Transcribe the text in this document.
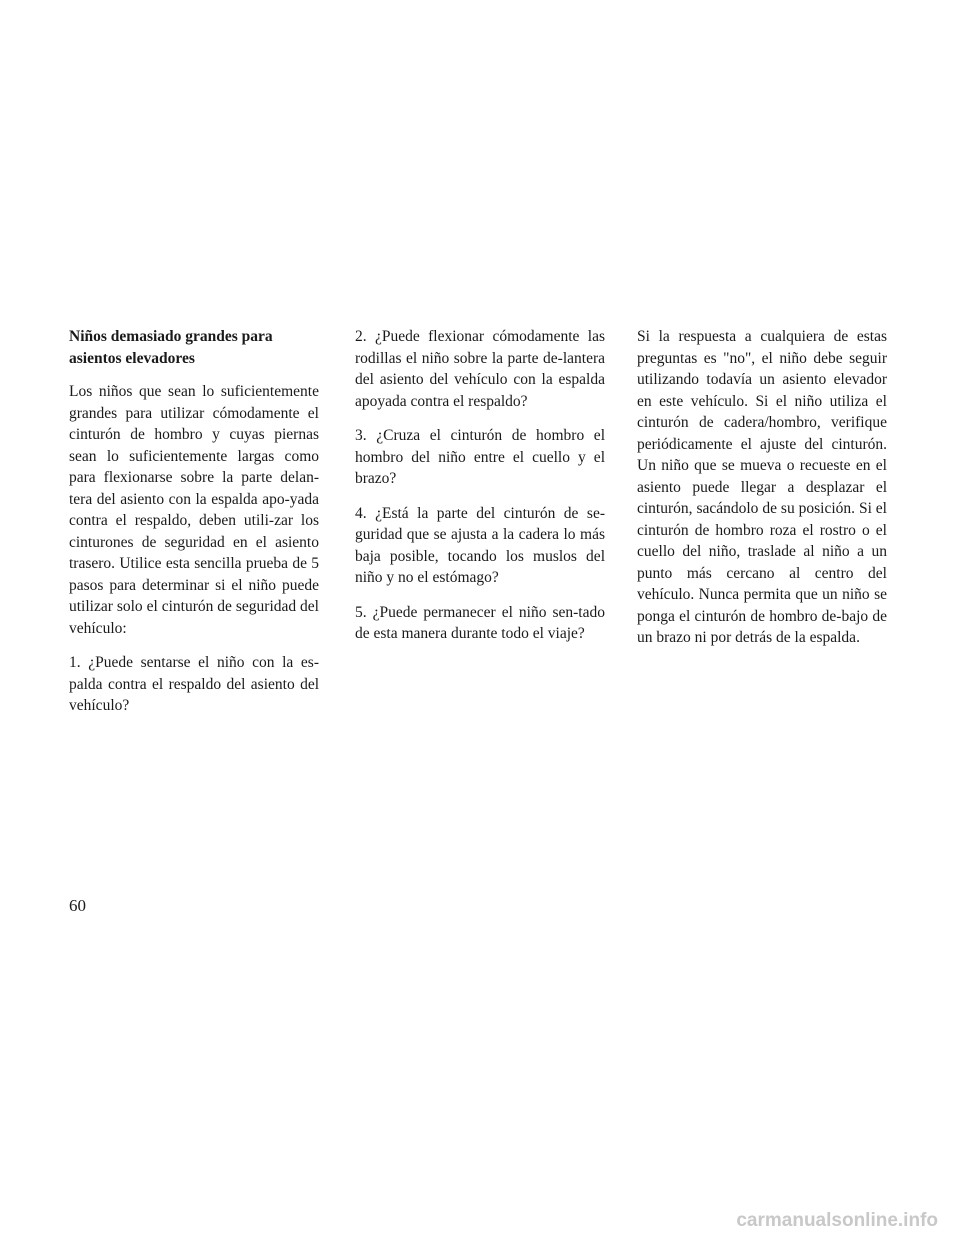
Niños demasiado grandes para asientos elevadores

Los niños que sean lo suficientemente grandes para utilizar cómodamente el cinturón de hombro y cuyas piernas sean lo suficientemente largas como para flexionarse sobre la parte delan-tera del asiento con la espalda apo-yada contra el respaldo, deben utili-zar los cinturones de seguridad en el asiento trasero. Utilice esta sencilla prueba de 5 pasos para determinar si el niño puede utilizar solo el cinturón de seguridad del vehículo:

1. ¿Puede sentarse el niño con la es-palda contra el respaldo del asiento del vehículo?

2. ¿Puede flexionar cómodamente las rodillas el niño sobre la parte de-lantera del asiento del vehículo con la espalda apoyada contra el respaldo?

3. ¿Cruza el cinturón de hombro el hombro del niño entre el cuello y el brazo?

4. ¿Está la parte del cinturón de se-guridad que se ajusta a la cadera lo más baja posible, tocando los muslos del niño y no el estómago?

5. ¿Puede permanecer el niño sen-tado de esta manera durante todo el viaje?

Si la respuesta a cualquiera de estas preguntas es "no", el niño debe seguir utilizando todavía un asiento elevador en este vehículo. Si el niño utiliza el cinturón de cadera/hombro, verifique periódicamente el ajuste del cinturón. Un niño que se mueva o recueste en el asiento puede llegar a desplazar el cinturón, sacándolo de su posición. Si el cinturón de hombro roza el rostro o el cuello del niño, traslade al niño a un punto más cercano al centro del vehículo. Nunca permita que un niño se ponga el cinturón de hombro de-bajo de un brazo ni por detrás de la espalda.

60
carmanualsonline.info
